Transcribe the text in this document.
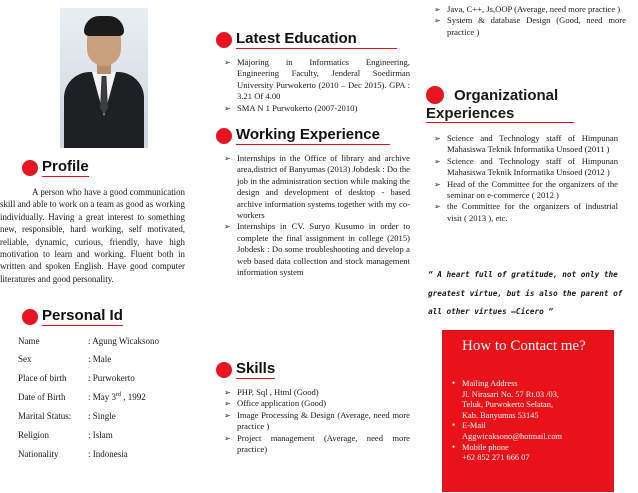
Profile
A person who have a good communication skill and able to work on a team as good as working individually. Having a great interest to something new, responsible, hard working, self motivated, reliable, dynamic, curious, friendly, have high motivation to learn and working. Fluent both in written and spoken English. Have good computer literatures and good personality.
Personal Id
Name	: Agung Wicaksono
Sex	: Male
Place of birth	: Purwokerto
Date of Birth	: May 3rd , 1992
Marital Status:	: Single
Religion	: Islam
Nationality	: Indonesia
Latest Education
➢ Majoring in Informatics Engineering, Engineering Faculty, Jenderal Soedirman University Purwokerto (2010 – Dec 2015). GPA : 3.21 Of 4.00
➢ SMA N 1 Purwokerto (2007-2010)
Working Experience
➢ Internships in the Office of library and archive area,district of Banyumas (2013) Jobdesk : Do the job in the administration section while making the design and development of desktop - based archive information systems together with my co-workers
➢ Internships in CV. Suryo Kusumo in order to complete the final assignment in college (2015) Jobdesk : Do some troubleshooting and develop a web based data collection and stock management information system
Skills
➢ PHP, Sql , Html (Good)
➢ Office application (Good)
➢ Image Processing & Design (Average, need more practice )
➢ Project management (Average, need more practice)
➢ Java, C++, Js,OOP (Average, need more practice )
➢ System & database Design (Good, need more practice )
Organizational
Experiences
➢ Science and Technology staff of Himpunan Mahasiswa Teknik Informatika Unsoed (2011 )
➢ Science and Technology staff of Himpunan Mahasiswa Teknik Informatika Unsoed (2012 )
➢ Head of the Committee for the organizers of the seminar on e-commerce ( 2012 )
➢ the Committee for the organizers of industrial visit ( 2013 ), etc.
“ A heart full of gratitude, not only the greatest virtue, but is also the parent of all other virtues –Cicero ”
How to Contact me?
• Mailing Address
Jl. Nirasari No. 57 Rt.03 /03,
Teluk, Purwokerto Selatan,
Kab. Banyumas 53145
• E-Mail
Aggwicaksono@hotmail.com
• Mobile phone
+62 852 271 666 07
